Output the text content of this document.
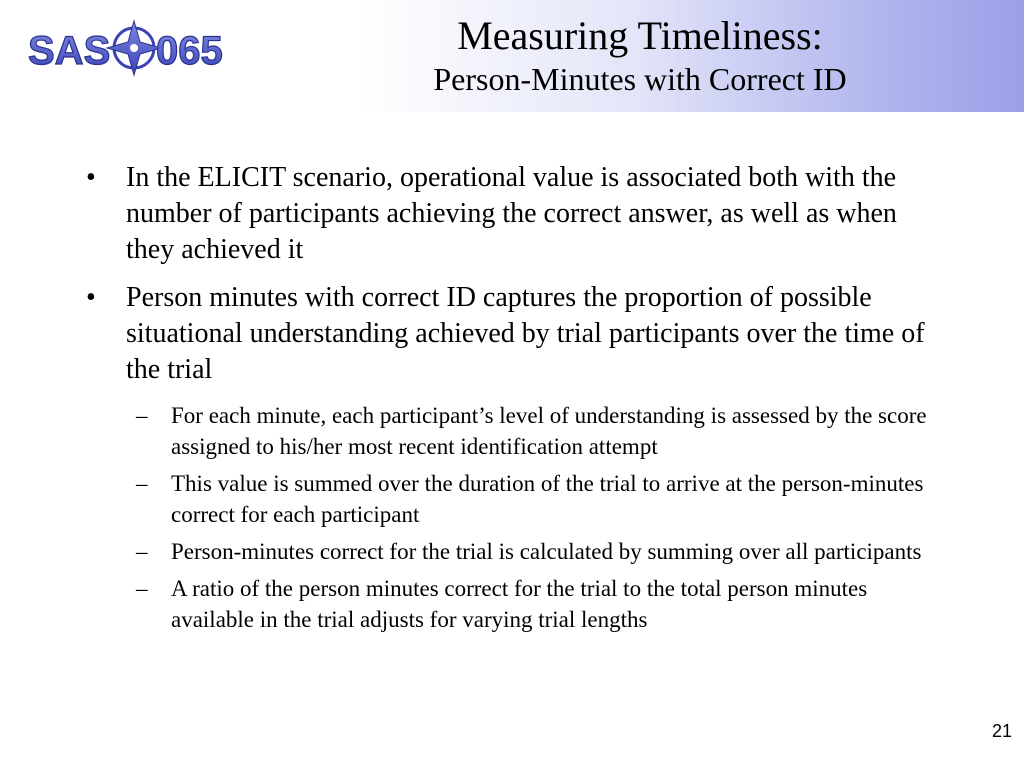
SAS 065	Measuring Timeliness:
Person-Minutes with Correct ID
• In the ELICIT scenario, operational value is associated both with the number of participants achieving the correct answer, as well as when they achieved it
• Person minutes with correct ID captures the proportion of possible situational understanding achieved by trial participants over the time of the trial
– For each minute, each participant’s level of understanding is assessed by the score assigned to his/her most recent identification attempt
– This value is summed over the duration of the trial to arrive at the person-minutes correct for each participant
– Person-minutes correct for the trial is calculated by summing over all participants
– A ratio of the person minutes correct for the trial to the total person minutes available in the trial adjusts for varying trial lengths
21
